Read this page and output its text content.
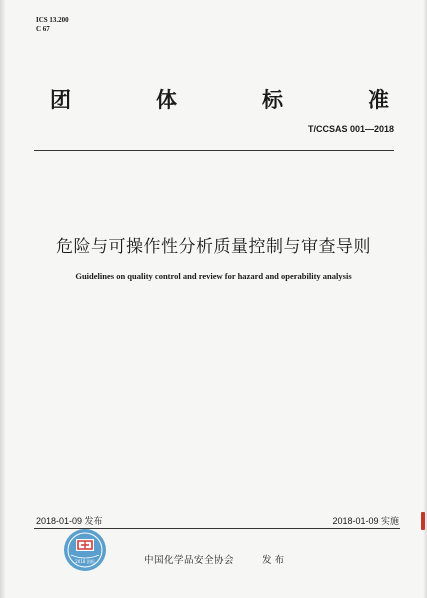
ICS 13.200
C 67
团	体	标	准
T/CCSAS 001—2018
危险与可操作性分析质量控制与审查导则
Guidelines on quality control and review for hazard and operability analysis
2018-01-09 发布	2018-01-09 实施
2018 团标	中国化学品安全协会	发布
